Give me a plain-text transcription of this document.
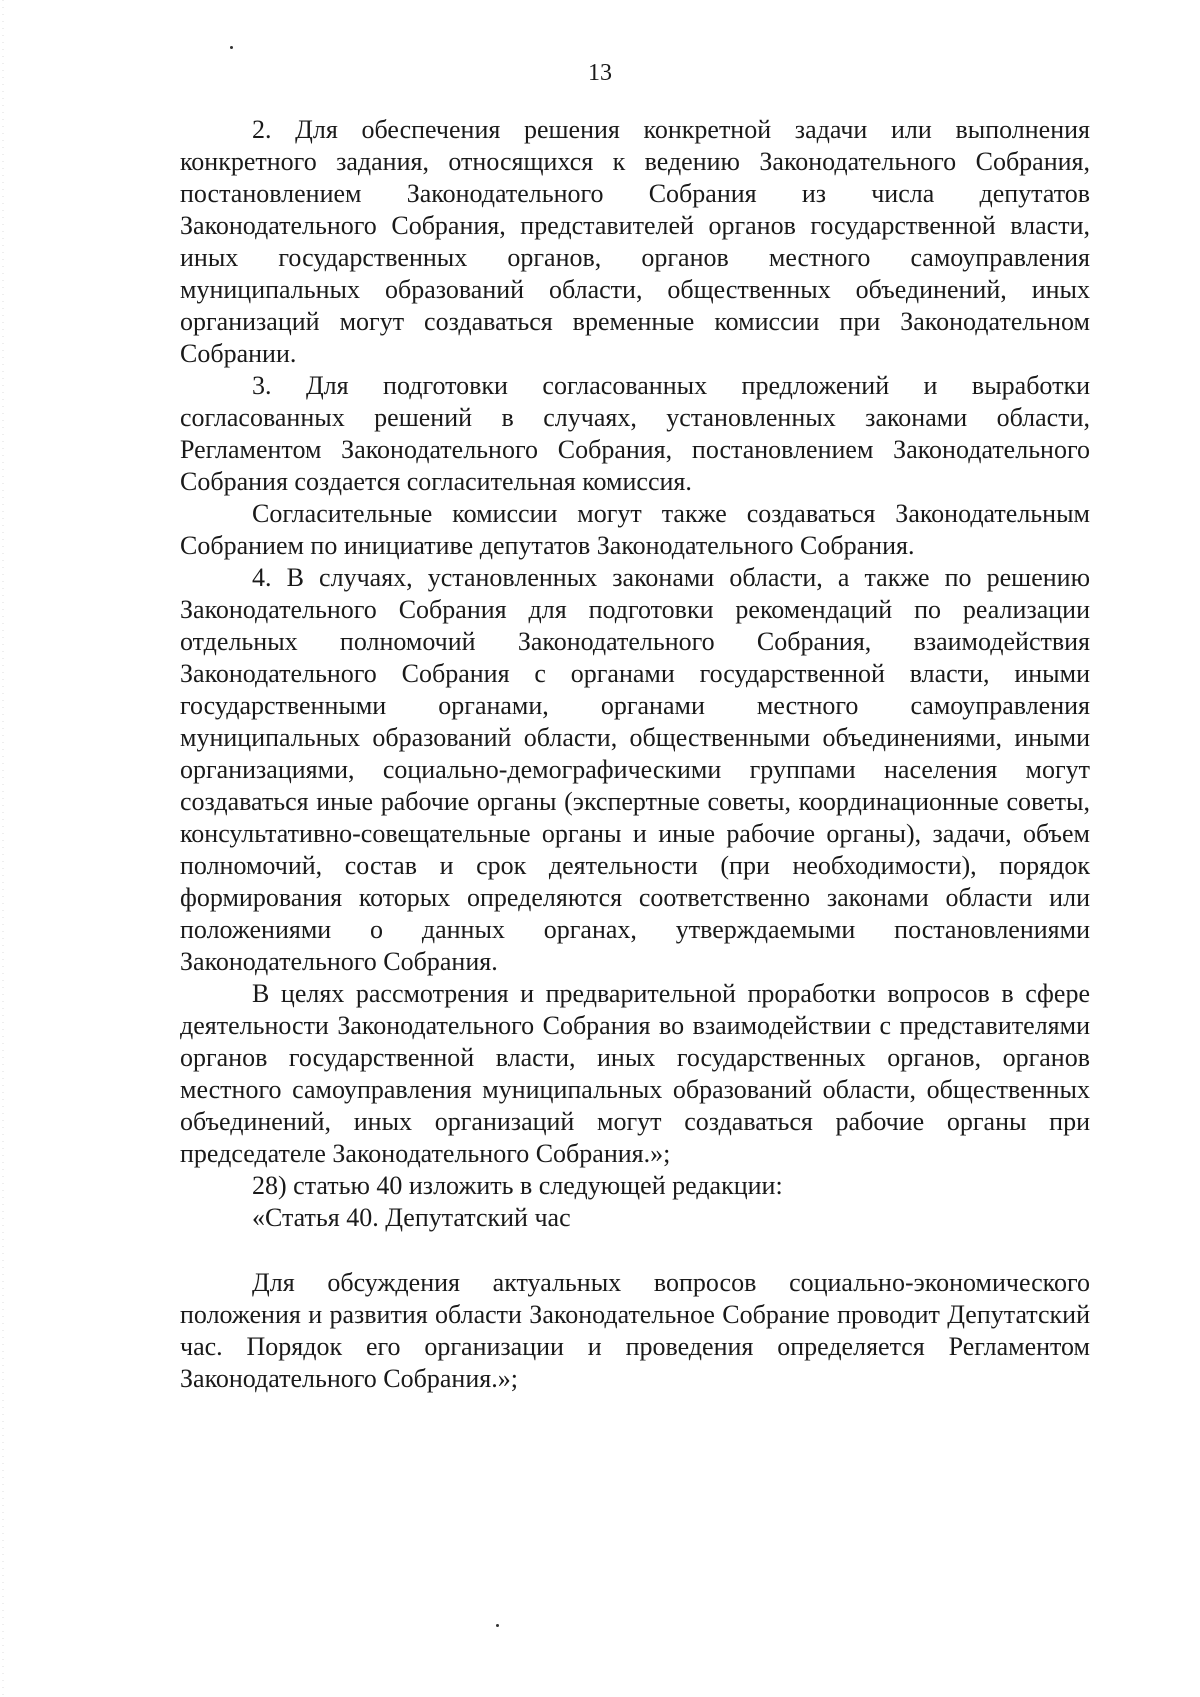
13

2. Для обеспечения решения конкретной задачи или выполнения конкретного задания, относящихся к ведению Законодательного Собрания, постановлением Законодательного Собрания из числа депутатов Законодательного Собрания, представителей органов государственной власти, иных государственных органов, органов местного самоуправления муниципальных образований области, общественных объединений, иных организаций могут создаваться временные комиссии при Законодательном Собрании.

3. Для подготовки согласованных предложений и выработки согласованных решений в случаях, установленных законами области, Регламентом Законодательного Собрания, постановлением Законодательного Собрания создается согласительная комиссия.

Согласительные комиссии могут также создаваться Законодательным Собранием по инициативе депутатов Законодательного Собрания.

4. В случаях, установленных законами области, а также по решению Законодательного Собрания для подготовки рекомендаций по реализации отдельных полномочий Законодательного Собрания, взаимодействия Законодательного Собрания с органами государственной власти, иными государственными органами, органами местного самоуправления муниципальных образований области, общественными объединениями, иными организациями, социально-демографическими группами населения могут создаваться иные рабочие органы (экспертные советы, координационные советы, консультативно-совещательные органы и иные рабочие органы), задачи, объем полномочий, состав и срок деятельности (при необходимости), порядок формирования которых определяются соответственно законами области или положениями о данных органах, утверждаемыми постановлениями Законодательного Собрания.

В целях рассмотрения и предварительной проработки вопросов в сфере деятельности Законодательного Собрания во взаимодействии с представителями органов государственной власти, иных государственных органов, органов местного самоуправления муниципальных образований области, общественных объединений, иных организаций могут создаваться рабочие органы при председателе Законодательного Собрания.»;

28) статью 40 изложить в следующей редакции:

«Статья 40. Депутатский час

Для обсуждения актуальных вопросов социально-экономического положения и развития области Законодательное Собрание проводит Депутатский час. Порядок его организации и проведения определяется Регламентом Законодательного Собрания.»;
